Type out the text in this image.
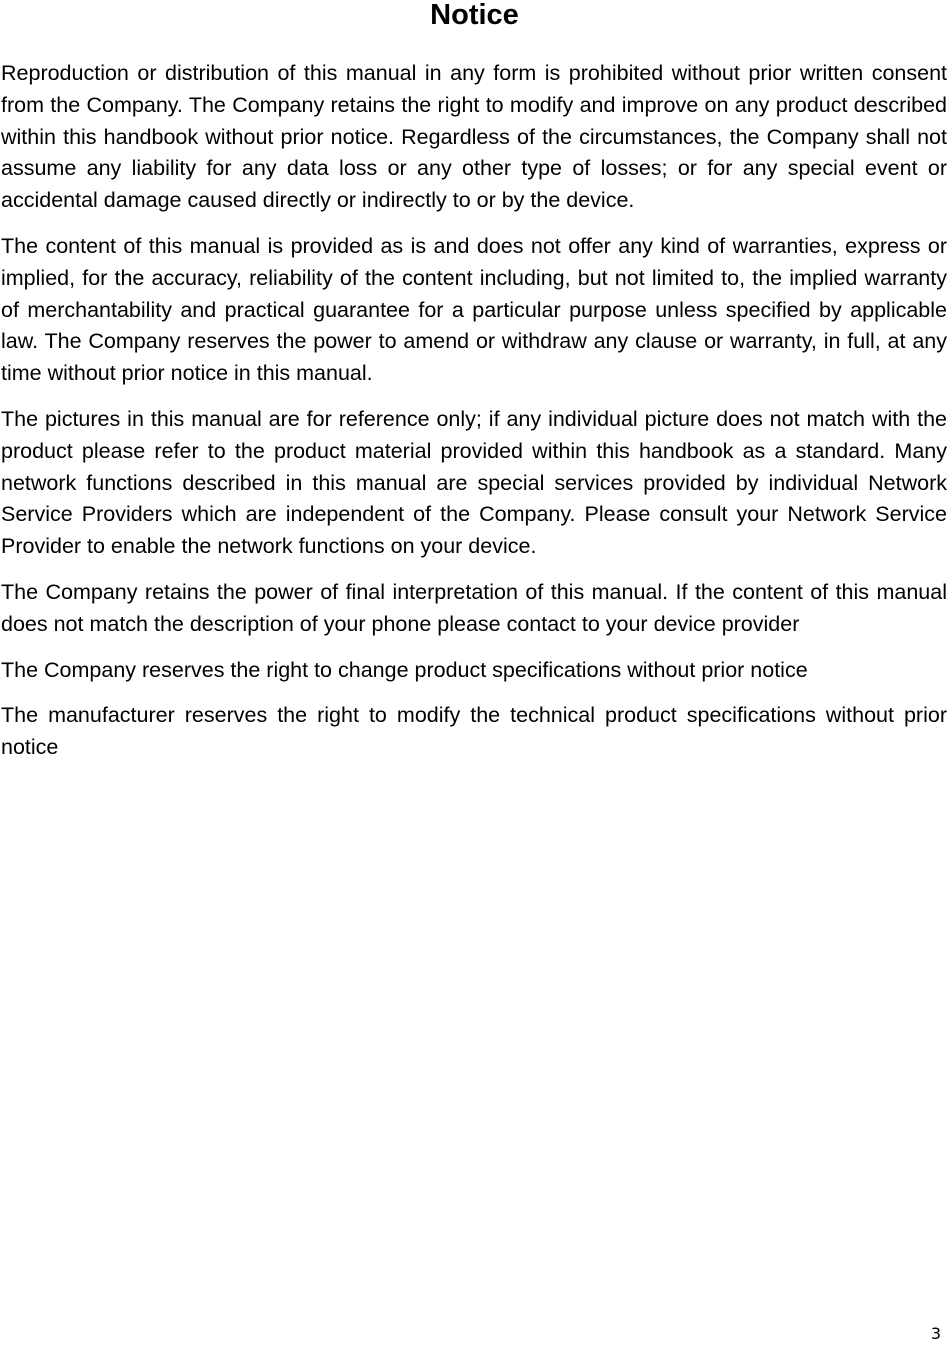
Notice

Reproduction or distribution of this manual in any form is prohibited without prior written consent from the Company. The Company retains the right to modify and improve on any product described within this handbook without prior notice. Regardless of the circumstances, the Company shall not assume any liability for any data loss or any other type of losses; or for any special event or accidental damage caused directly or indirectly to or by the device.

The content of this manual is provided as is and does not offer any kind of warranties, express or implied, for the accuracy, reliability of the content including, but not limited to, the implied warranty of merchantability and practical guarantee for a particular purpose unless specified by applicable law. The Company reserves the power to amend or withdraw any clause or warranty, in full, at any time without prior notice in this manual.

The pictures in this manual are for reference only; if any individual picture does not match with the product please refer to the product material provided within this handbook as a standard. Many network functions described in this manual are special services provided by individual Network Service Providers which are independent of the Company. Please consult your Network Service Provider to enable the network functions on your device.

The Company retains the power of final interpretation of this manual. If the content of this manual does not match the description of your phone please contact to your device provider

The Company reserves the right to change product specifications without prior notice

The manufacturer reserves the right to modify the technical product specifications without prior notice

3
